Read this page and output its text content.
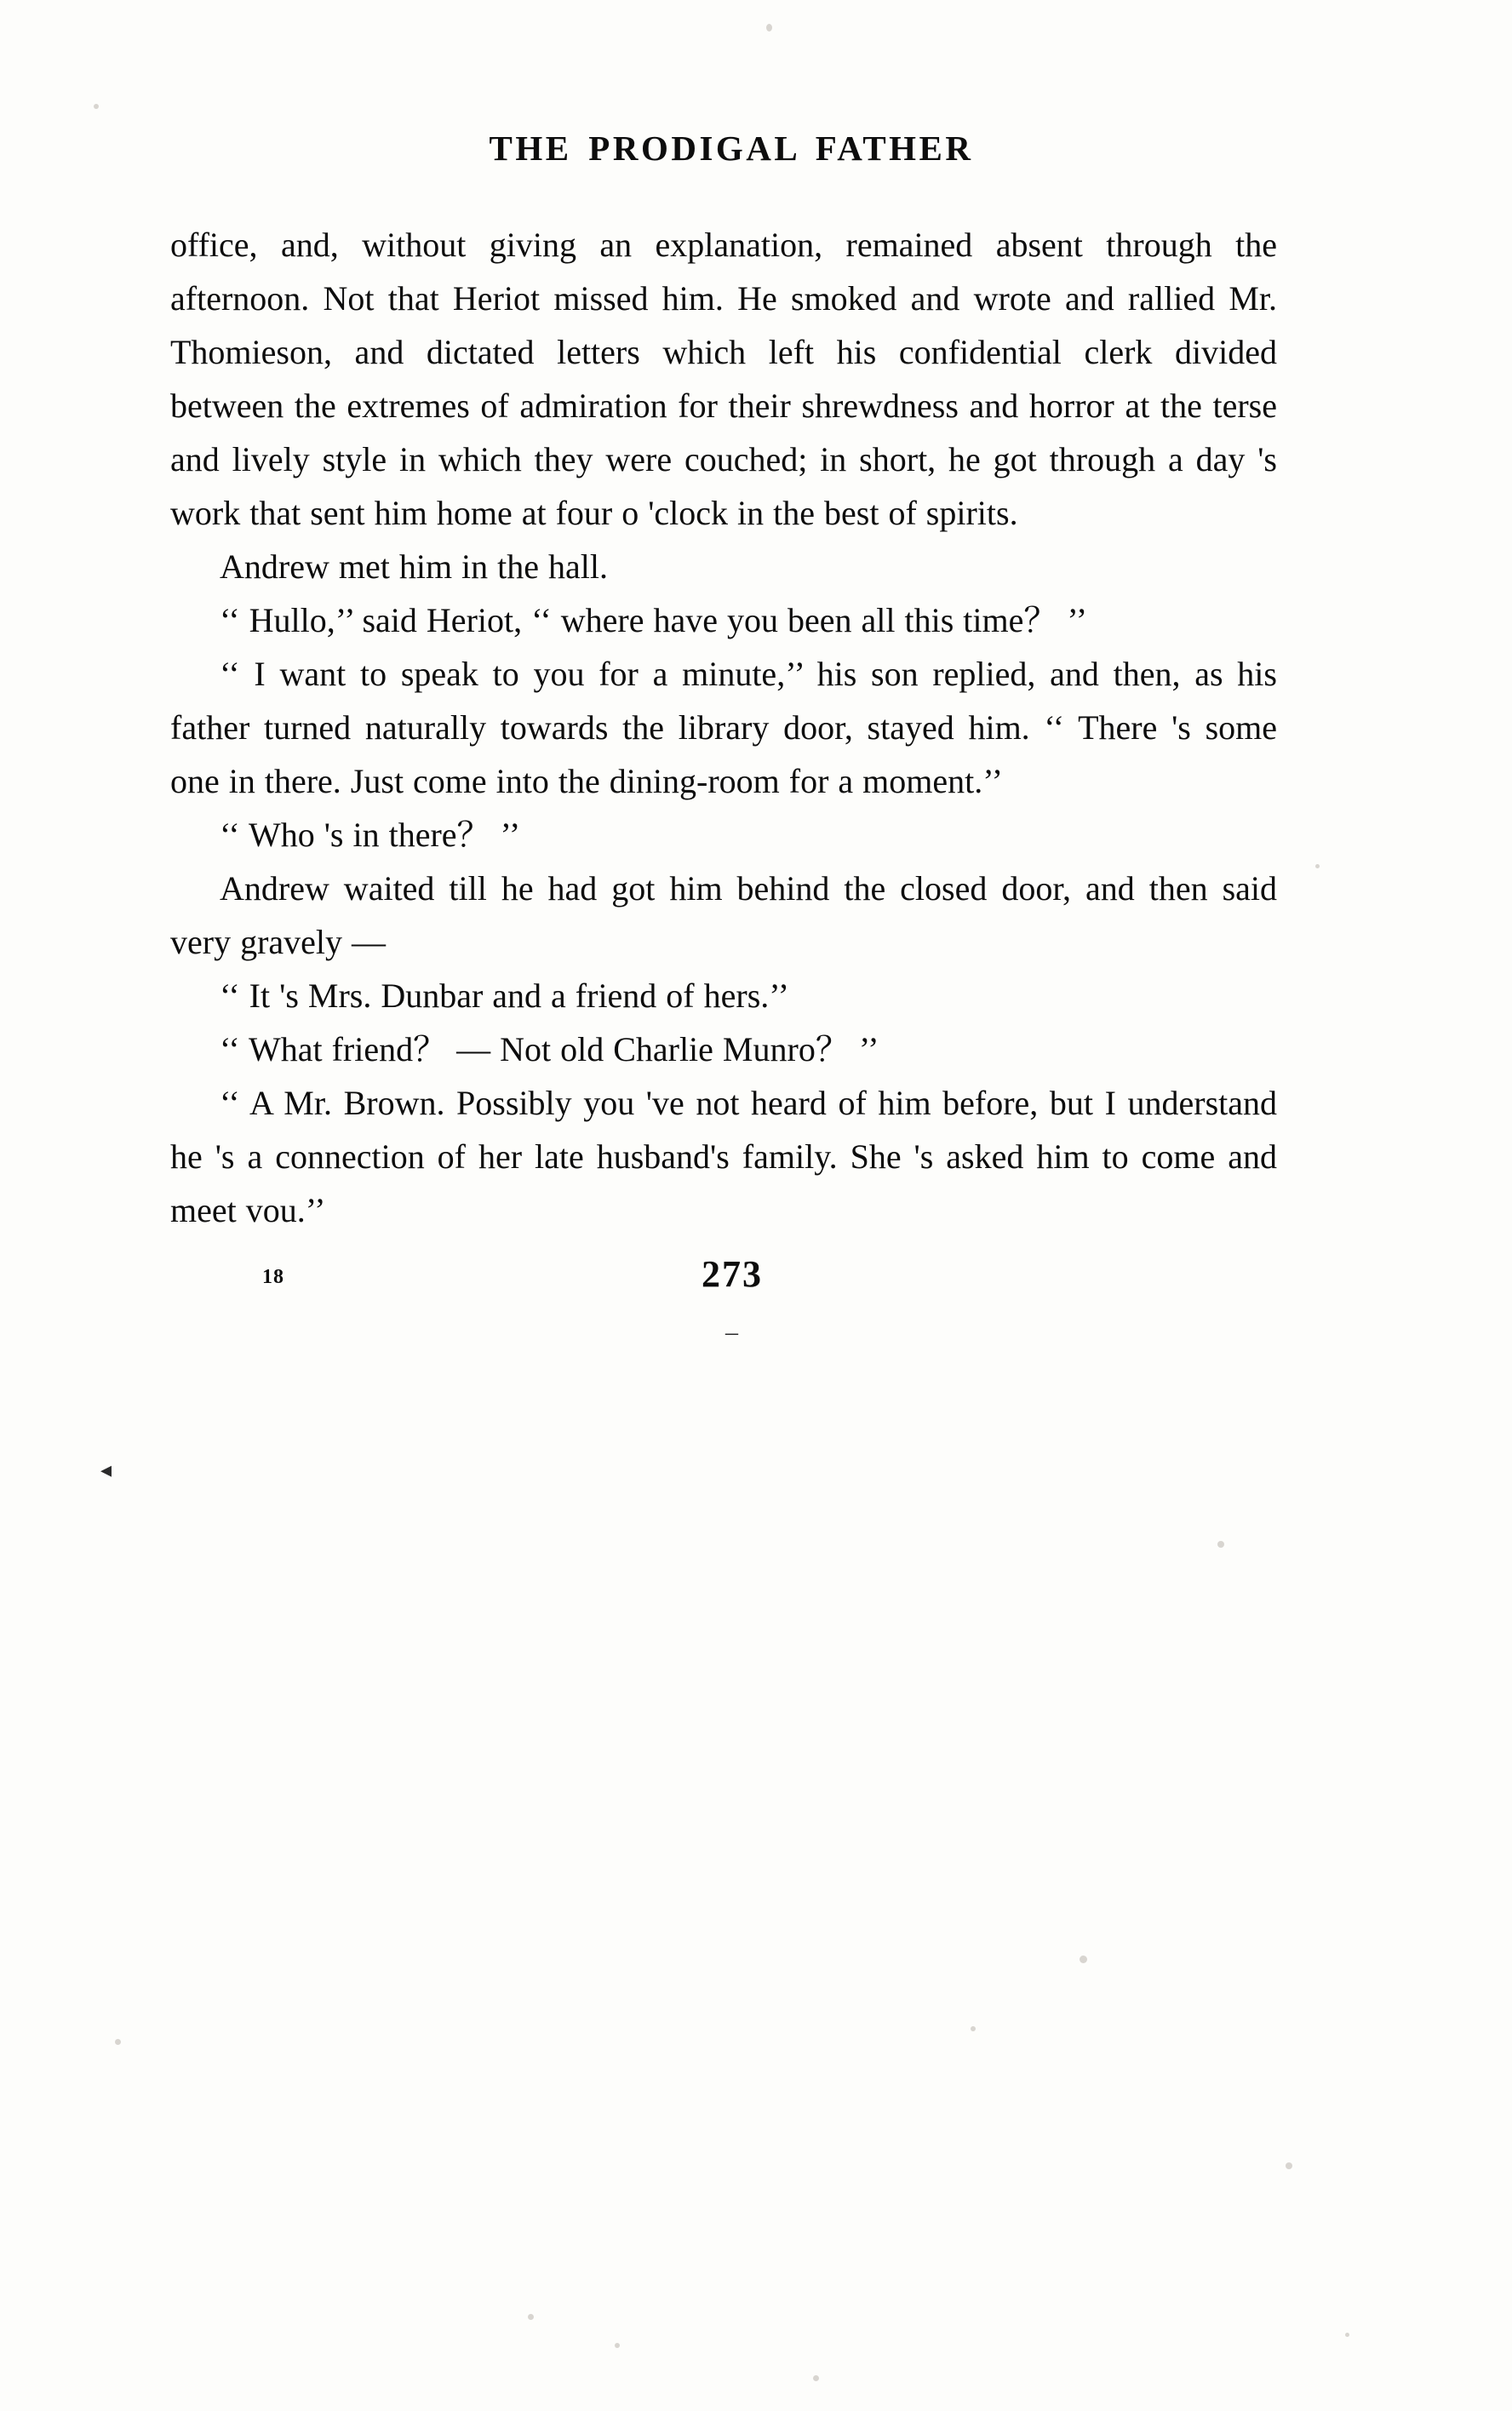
◂
–
THE PRODIGAL FATHER

office, and, without giving an explanation, remained absent through the afternoon. Not that Heriot missed him. He smoked and wrote and rallied Mr. Thomieson, and dictated letters which left his confidential clerk divided between the extremes of admiration for their shrewdness and horror at the terse and lively style in which they were couched; in short, he got through a day 's work that sent him home at four o 'clock in the best of spirits.

Andrew met him in the hall.

‘‘ Hullo,’’ said Heriot, ‘‘ where have you been all this time？ ’’

‘‘ I want to speak to you for a minute,’’ his son replied, and then, as his father turned naturally towards the library door, stayed him. ‘‘ There 's some one in there. Just come into the dining-room for a moment.’’

‘‘ Who 's in there？ ’’

Andrew waited till he had got him behind the closed door, and then said very gravely —

‘‘ It 's Mrs. Dunbar and a friend of hers.’’

‘‘ What friend？ — Not old Charlie Munro？ ’’

‘‘ A Mr. Brown. Possibly you 've not heard of him before, but I understand he 's a connection of her late husband's family. She 's asked him to come and meet vou.’’

18	273
